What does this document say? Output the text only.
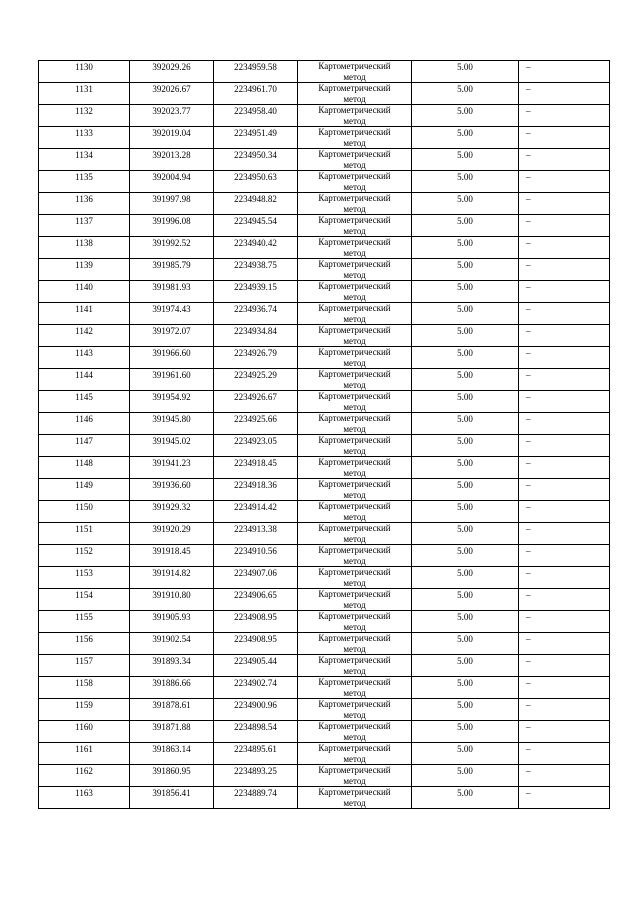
1130	392029.26	2234959.58	Картометрический
метод	5.00	–
1131	392026.67	2234961.70	Картометрический
метод	5.00	–
1132	392023.77	2234958.40	Картометрический
метод	5.00	–
1133	392019.04	2234951.49	Картометрический
метод	5.00	–
1134	392013.28	2234950.34	Картометрический
метод	5.00	–
1135	392004.94	2234950.63	Картометрический
метод	5.00	–
1136	391997.98	2234948.82	Картометрический
метод	5.00	–
1137	391996.08	2234945.54	Картометрический
метод	5.00	–
1138	391992.52	2234940.42	Картометрический
метод	5.00	–
1139	391985.79	2234938.75	Картометрический
метод	5.00	–
1140	391981.93	2234939.15	Картометрический
метод	5.00	–
1141	391974.43	2234936.74	Картометрический
метод	5.00	–
1142	391972.07	2234934.84	Картометрический
метод	5.00	–
1143	391966.60	2234926.79	Картометрический
метод	5.00	–
1144	391961.60	2234925.29	Картометрический
метод	5.00	–
1145	391954.92	2234926.67	Картометрический
метод	5.00	–
1146	391945.80	2234925.66	Картометрический
метод	5.00	–
1147	391945.02	2234923.05	Картометрический
метод	5.00	–
1148	391941.23	2234918.45	Картометрический
метод	5.00	–
1149	391936.60	2234918.36	Картометрический
метод	5.00	–
1150	391929.32	2234914.42	Картометрический
метод	5.00	–
1151	391920.29	2234913.38	Картометрический
метод	5.00	–
1152	391918.45	2234910.56	Картометрический
метод	5.00	–
1153	391914.82	2234907.06	Картометрический
метод	5.00	–
1154	391910.80	2234906.65	Картометрический
метод	5.00	–
1155	391905.93	2234908.95	Картометрический
метод	5.00	–
1156	391902.54	2234908.95	Картометрический
метод	5.00	–
1157	391893.34	2234905.44	Картометрический
метод	5.00	–
1158	391886.66	2234902.74	Картометрический
метод	5.00	–
1159	391878.61	2234900.96	Картометрический
метод	5.00	–
1160	391871.88	2234898.54	Картометрический
метод	5.00	–
1161	391863.14	2234895.61	Картометрический
метод	5.00	–
1162	391860.95	2234893.25	Картометрический
метод	5.00	–
1163	391856.41	2234889.74	Картометрический
метод	5.00	–
